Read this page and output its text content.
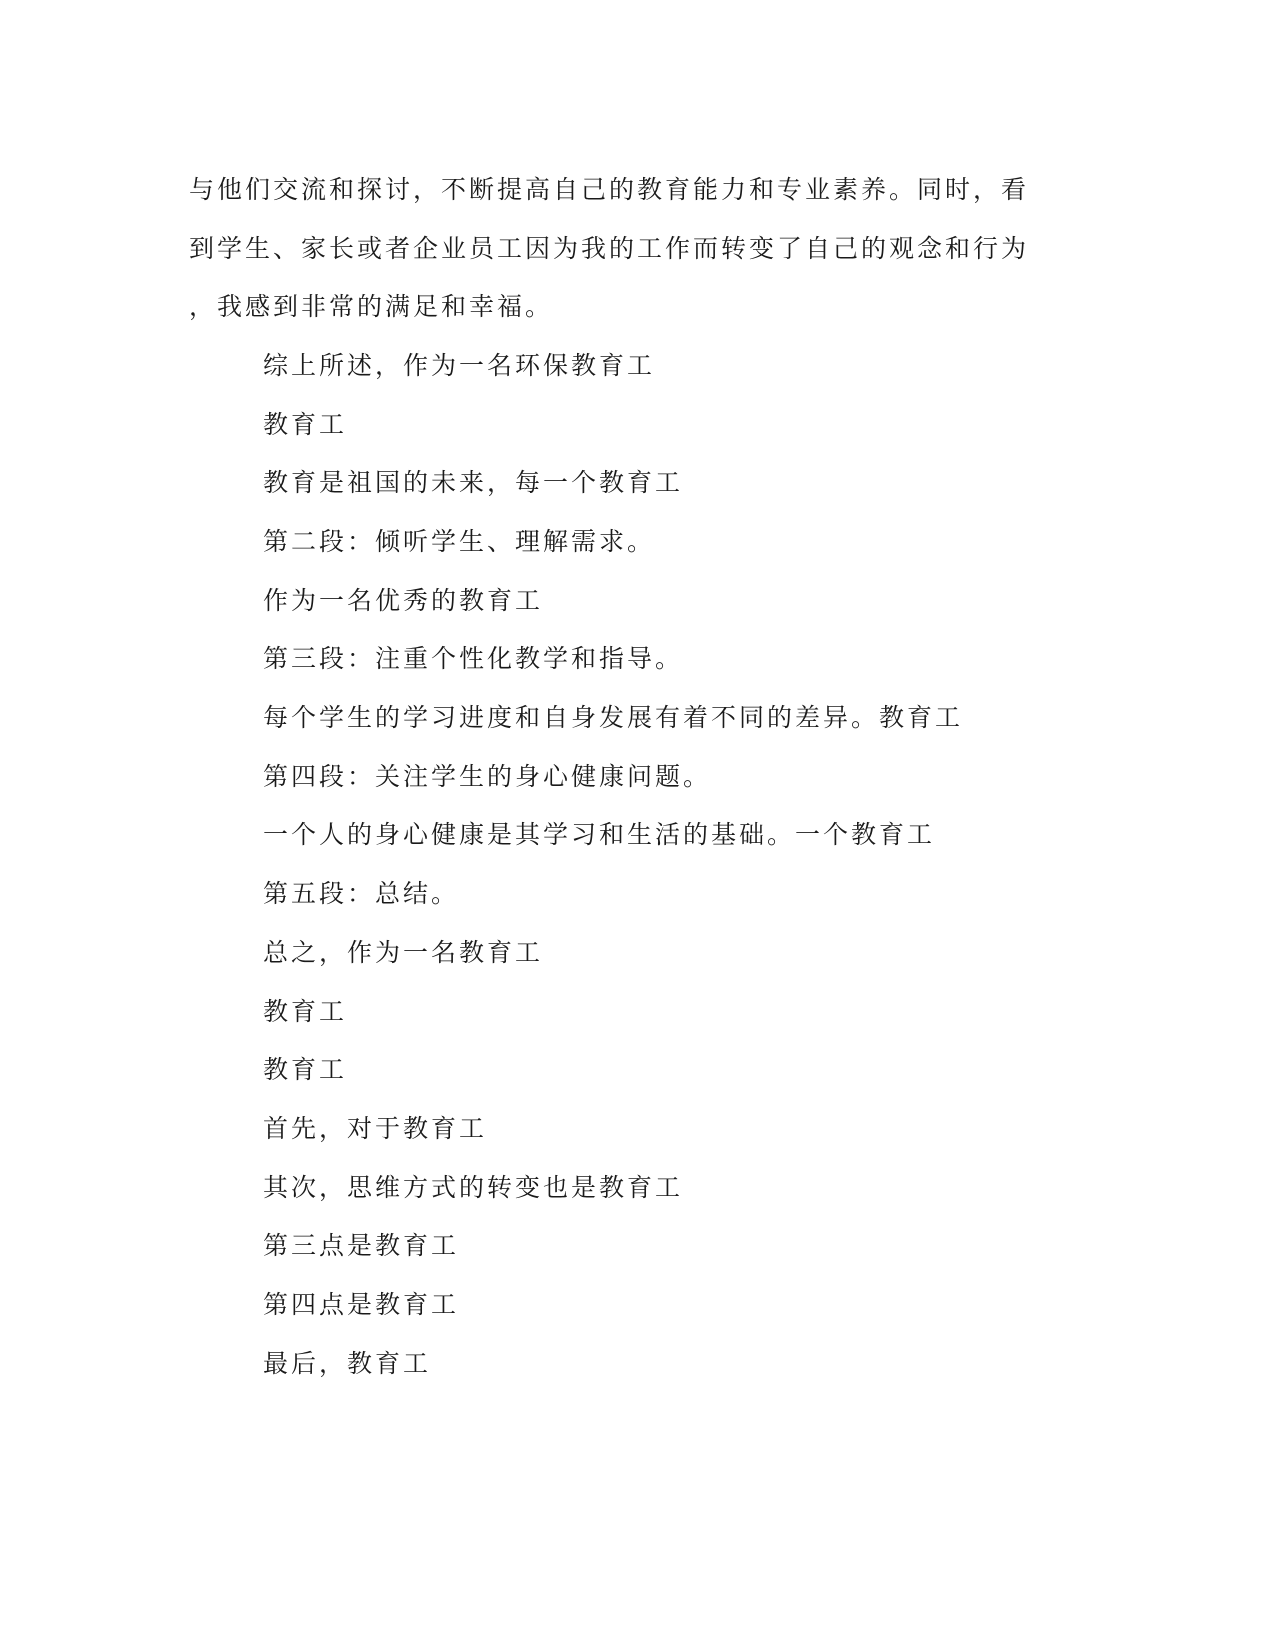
与他们交流和探讨，不断提高自己的教育能力和专业素养。同时，看
到学生、家长或者企业员工因为我的工作而转变了自己的观念和行为
，我感到非常的满足和幸福。
综上所述，作为一名环保教育工
教育工
教育是祖国的未来，每一个教育工
第二段：倾听学生、理解需求。
作为一名优秀的教育工
第三段：注重个性化教学和指导。
每个学生的学习进度和自身发展有着不同的差异。教育工
第四段：关注学生的身心健康问题。
一个人的身心健康是其学习和生活的基础。一个教育工
第五段：总结。
总之，作为一名教育工
教育工
教育工
首先，对于教育工
其次，思维方式的转变也是教育工
第三点是教育工
第四点是教育工
最后，教育工
